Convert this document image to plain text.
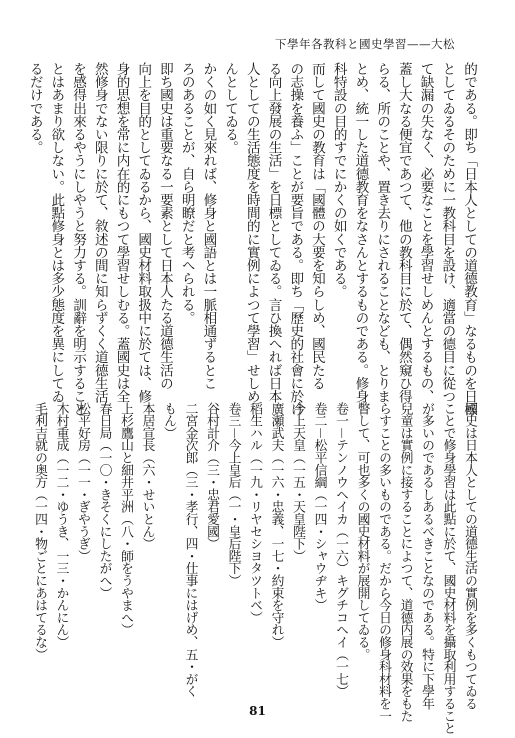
下學年各教科と國史學習——大松
的である。即ち「日本人としての道德教育」なるものを日標
としてゐるそのために一教科目を設け、適當の德目に從つ
て缺漏の失なく、必要なことを學習せしめんとするもの、
蓋し大なる便宜であつて、他の教科目に於て、偶然窺ひ得
らる、所のことや、置き去りにされることなども、とりま
とめ、統一した道德教育をなさんとするものである。修身
科特設の目的すでにかくの如くである。
而して國史の教育は「國體の大要を知らしめ、國民たる
の志操を養ふ」ことが要旨である。即ち「歷史的社會に於け
る向上發展の生活」を日標としてゐる。言ひ換へれば日本
人としての生活態度を時間的に實例によつて學習」せしめ
んとしてゐる。
かくの如く見來れば、修身と國語とは一脈相通ずるとこ
ろのあることが、自ら明瞭だと考へられる。
即ち國史は重要なる一要素として日本人たる道德生活の
向上を目的としてゐるから、國史材料取扱中に於ては、修
身的思想を常に内在的にもつて學習せしむる。蓋國史は全
然修身でない限りに於て、敘述の間に知らずくく道德生活
を感得出來るやうにしやうと努力する。訓辭を明示すること
とはあまり欲しない。此點修身とは多少態度を異にしてゐ
るだけである。
國史は日本人としての道德生活の實例を多くもつてゐる
ことで修身學習は此點に於て、國史材料を攝取利用すること
が多いのであるしあるべきことなのである。特に下學年
兒童は實例に接することによつて、道德内展の效果をもた
らすことの多いものである。だから今日の修身科材料を一
瞥して、可也多くの國史材料が展開してゐる。
卷一－テンノウヘイカ（一六）キグチコヘイ（一七）
卷二－松平信綱（一四・シャウヂキ）
今上天皇（一五・天皇陛下）
廣瀬武夫（一六・忠義、一七・約束を守れ）
稻生ハル（一九・リヤセシヨタツトベ）
卷三－今上皇后（一・皇后陛下）
谷村計介（三・忠君愛國）
二宮金次郎（三・孝行、四・仕事にはげめ、五・がく
もん）
本居宣長（六・せいとん）
上杉鷹山と細井平洲（八・師をうやまへ）
春日局（一〇・きそくにしたがへ）
松平好房（一一・ぎやうぎ）
木村重成（一二・ゆうき、一三・かんにん）
毛利吉就の奥方（一四・物ごとにあはてるな）
81
